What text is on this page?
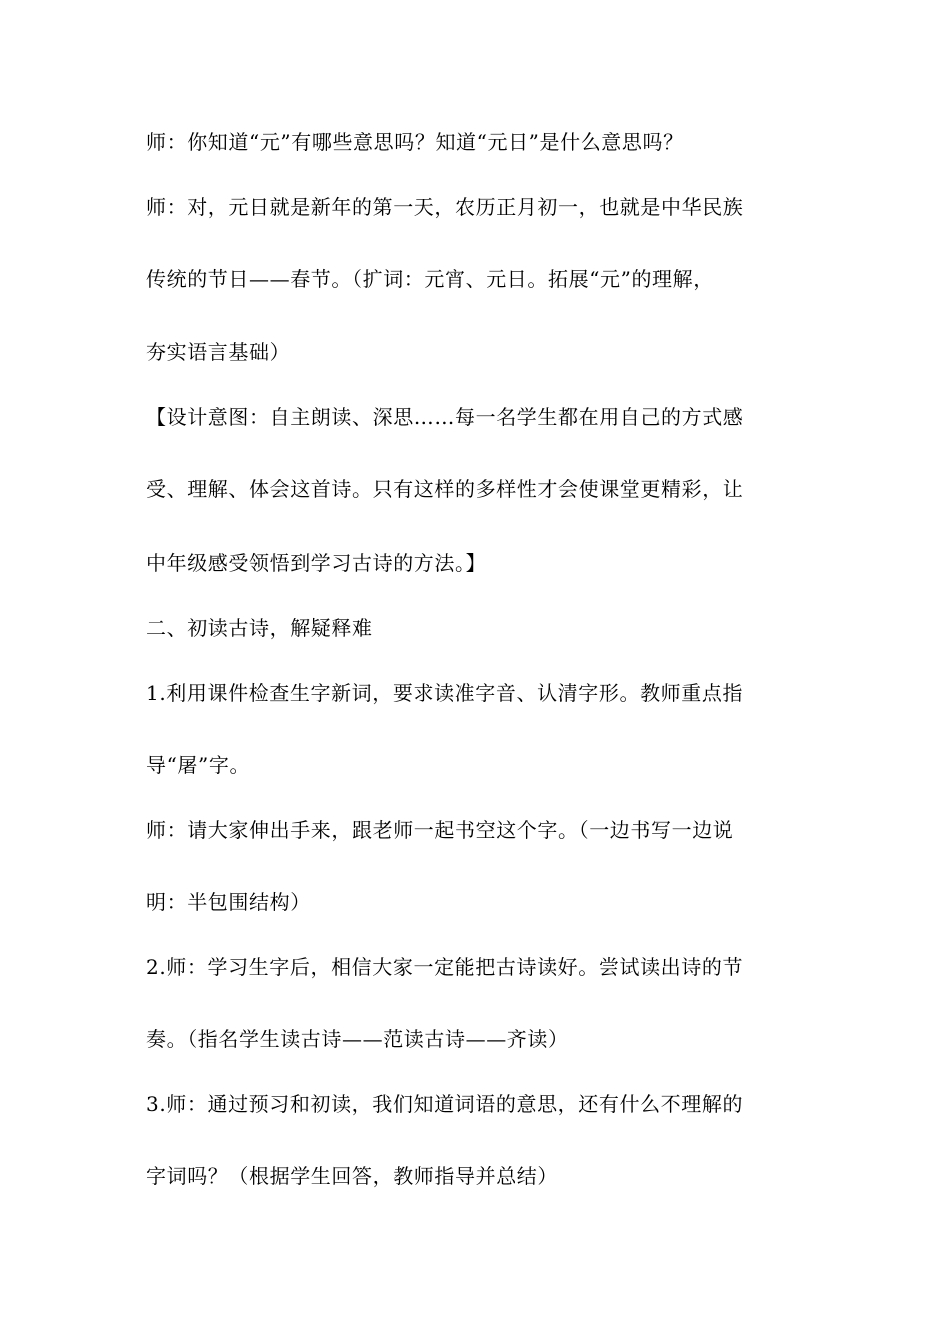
师：你知道“元”有哪些意思吗？知道“元日”是什么意思吗？
师：对，元日就是新年的第一天，农历正月初一，也就是中华民族
传统的节日——春节。（扩词：元宵、元日。拓展“元”的理解，
夯实语言基础）
【设计意图：自主朗读、深思……每一名学生都在用自己的方式感
受、理解、体会这首诗。只有这样的多样性才会使课堂更精彩，让
中年级感受领悟到学习古诗的方法。】
二、初读古诗，解疑释难
1.利用课件检查生字新词，要求读准字音、认清字形。教师重点指
导“屠”字。
师：请大家伸出手来，跟老师一起书空这个字。（一边书写一边说
明：半包围结构）
2.师：学习生字后，相信大家一定能把古诗读好。尝试读出诗的节
奏。（指名学生读古诗——范读古诗——齐读）
3.师：通过预习和初读，我们知道词语的意思，还有什么不理解的
字词吗？（根据学生回答，教师指导并总结）
